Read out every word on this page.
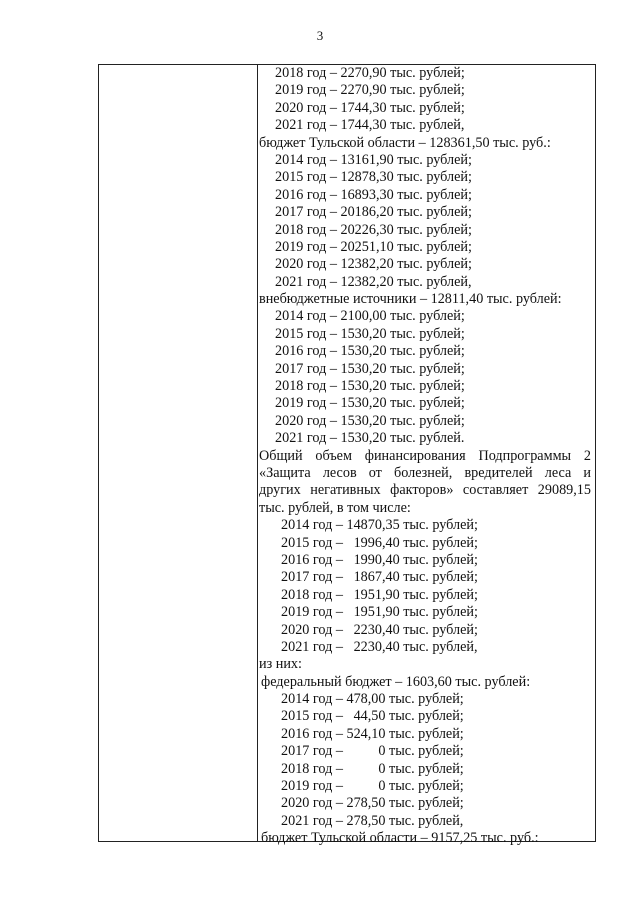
3
2018 год – 2270,90 тыс. рублей;
2019 год – 2270,90 тыс. рублей;
2020 год – 1744,30 тыс. рублей;
2021 год – 1744,30 тыс. рублей,
бюджет Тульской области – 128361,50 тыс. руб.:
2014 год – 13161,90 тыс. рублей;
2015 год – 12878,30 тыс. рублей;
2016 год – 16893,30 тыс. рублей;
2017 год – 20186,20 тыс. рублей;
2018 год – 20226,30 тыс. рублей;
2019 год – 20251,10 тыс. рублей;
2020 год – 12382,20 тыс. рублей;
2021 год – 12382,20 тыс. рублей,
внебюджетные источники – 12811,40 тыс. рублей:
2014 год – 2100,00 тыс. рублей;
2015 год – 1530,20 тыс. рублей;
2016 год – 1530,20 тыс. рублей;
2017 год – 1530,20 тыс. рублей;
2018 год – 1530,20 тыс. рублей;
2019 год – 1530,20 тыс. рублей;
2020 год – 1530,20 тыс. рублей;
2021 год – 1530,20 тыс. рублей.
Общий объем финансирования Подпрограммы 2
«Защита лесов от болезней, вредителей леса и
других негативных факторов» составляет 29089,15
тыс. рублей, в том числе:
2014 год – 14870,35 тыс. рублей;
2015 год –   1996,40 тыс. рублей;
2016 год –   1990,40 тыс. рублей;
2017 год –   1867,40 тыс. рублей;
2018 год –   1951,90 тыс. рублей;
2019 год –   1951,90 тыс. рублей;
2020 год –   2230,40 тыс. рублей;
2021 год –   2230,40 тыс. рублей,
из них:
федеральный бюджет – 1603,60 тыс. рублей:
2014 год – 478,00 тыс. рублей;
2015 год –   44,50 тыс. рублей;
2016 год – 524,10 тыс. рублей;
2017 год –          0 тыс. рублей;
2018 год –          0 тыс. рублей;
2019 год –          0 тыс. рублей;
2020 год – 278,50 тыс. рублей;
2021 год – 278,50 тыс. рублей,
бюджет Тульской области – 9157,25 тыс. руб.:
